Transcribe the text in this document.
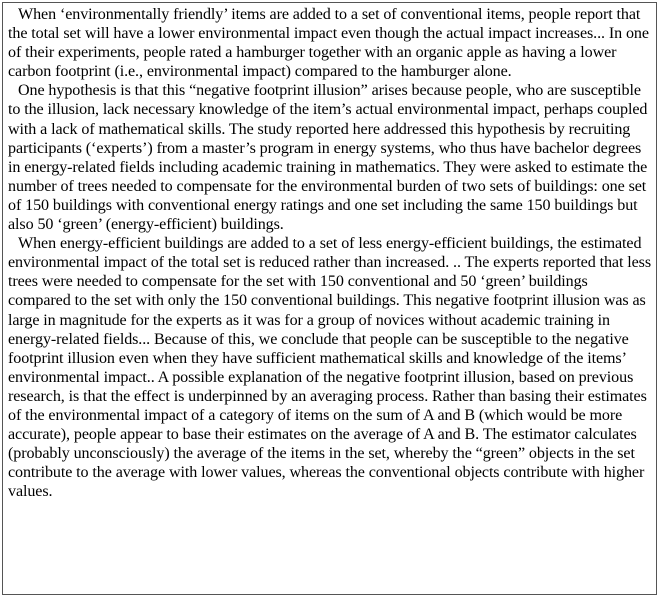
When ‘environmentally friendly’ items are added to a set of conventional items, people report that the total set will have a lower environmental impact even though the actual impact increases... In one of their experiments, people rated a hamburger together with an organic apple as having a lower carbon footprint (i.e., environmental impact) compared to the hamburger alone.

One hypothesis is that this “negative footprint illusion” arises because people, who are susceptible to the illusion, lack necessary knowledge of the item’s actual environmental impact, perhaps coupled with a lack of mathematical skills. The study reported here addressed this hypothesis by recruiting participants (‘experts’) from a master’s program in energy systems, who thus have bachelor degrees in energy-related fields including academic training in mathematics. They were asked to estimate the number of trees needed to compensate for the environmental burden of two sets of buildings: one set of 150 buildings with conventional energy ratings and one set including the same 150 buildings but also 50 ‘green’ (energy-efficient) buildings.

When energy-efficient buildings are added to a set of less energy-efficient buildings, the estimated environmental impact of the total set is reduced rather than increased. .. The experts reported that less trees were needed to compensate for the set with 150 conventional and 50 ‘green’ buildings compared to the set with only the 150 conventional buildings. This negative footprint illusion was as large in magnitude for the experts as it was for a group of novices without academic training in energy-related fields... Because of this, we conclude that people can be susceptible to the negative footprint illusion even when they have sufficient mathematical skills and knowledge of the items’ environmental impact.. A possible explanation of the negative footprint illusion, based on previous research, is that the effect is underpinned by an averaging process. Rather than basing their estimates of the environmental impact of a category of items on the sum of A and B (which would be more accurate), people appear to base their estimates on the average of A and B. The estimator calculates (probably unconsciously) the average of the items in the set, whereby the “green” objects in the set contribute to the average with lower values, whereas the conventional objects contribute with higher values.
